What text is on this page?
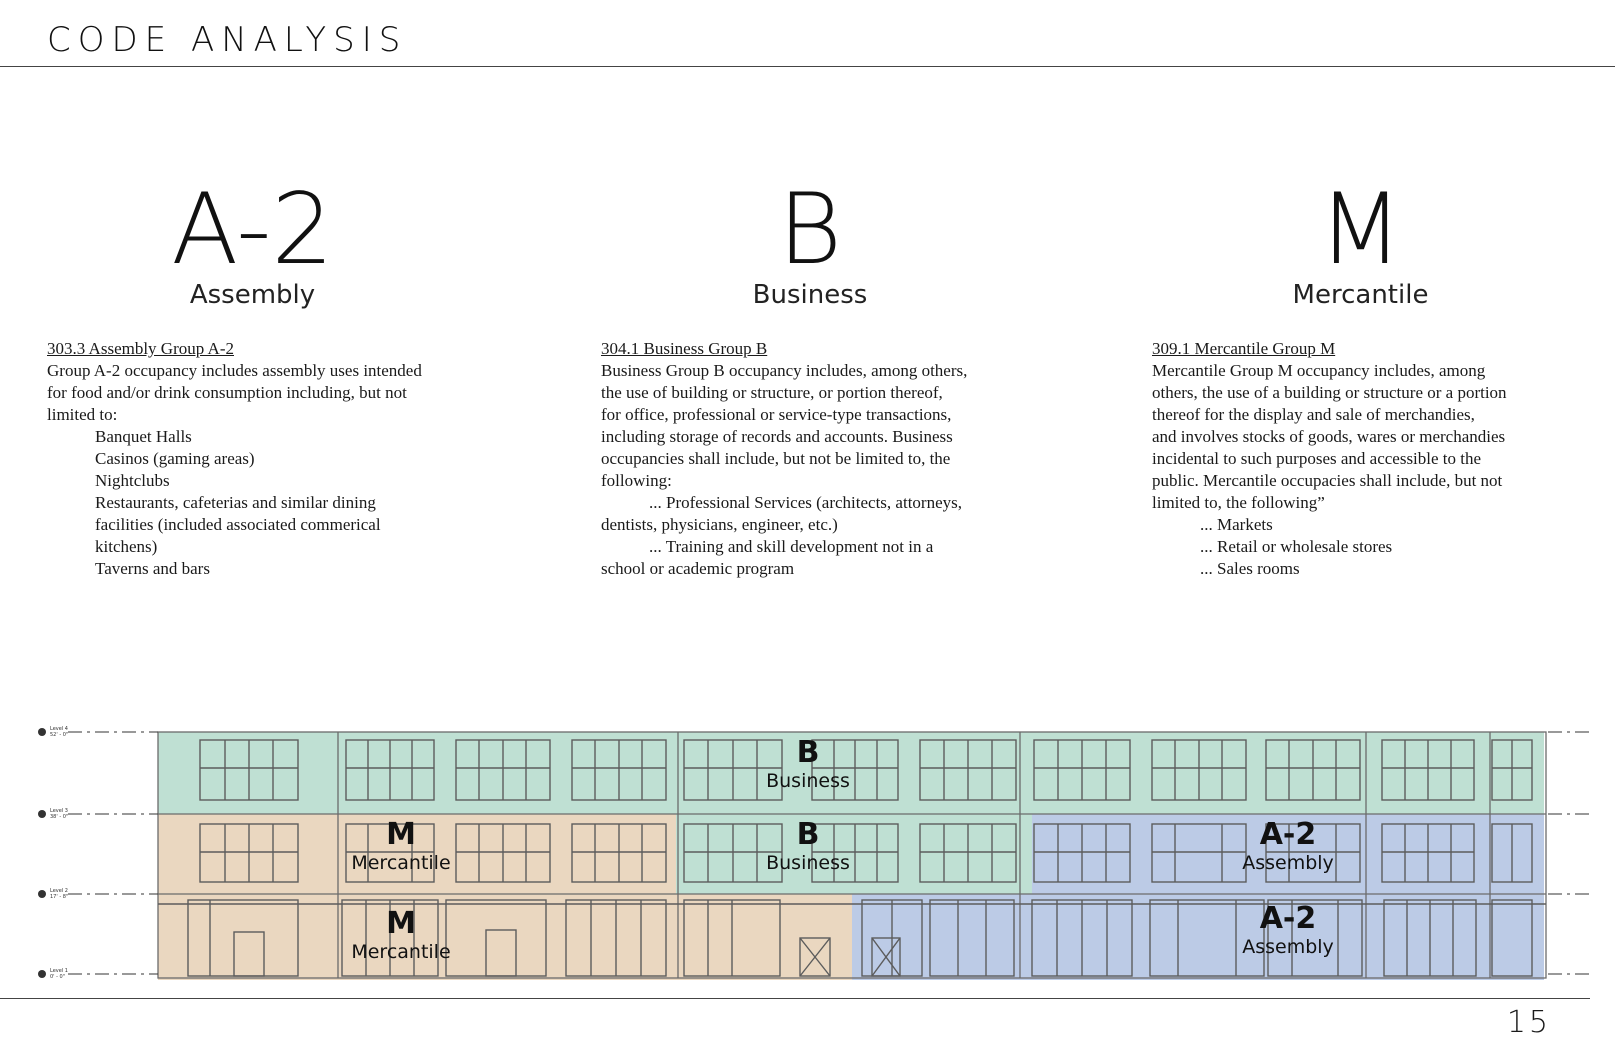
CODE ANALYSIS
A-2
Assembly
303.3 Assembly Group A-2
Group A-2 occupancy includes assembly uses intended
for food and/or drink consumption including, but not
limited to:
Banquet Halls
Casinos (gaming areas)
Nightclubs
Restaurants, cafeterias and similar dining
facilities (included associated commerical
kitchens)
Taverns and bars
B
Business
304.1 Business Group B
Business Group B occupancy includes, among others,
the use of building or structure, or portion thereof,
for office, professional or service-type transactions,
including storage of records and accounts. Business
occupancies shall include, but not be limited to, the
following:
... Professional Services (architects, attorneys,
dentists, physicians, engineer, etc.)
... Training and skill development not in a
school or academic program
M
Mercantile
309.1 Mercantile Group M
Mercantile Group M occupancy includes, among
others, the use of a building or structure or a portion
thereof for the display and sale of merchandies,
and involves stocks of goods, wares or merchandies
incidental to such purposes and accessible to the
public. Mercantile occupacies shall include, but not
limited to, the following”
... Markets
... Retail or wholesale stores
... Sales rooms
Level 4
52' - 0"
Level 3
38' - 0"
Level 2
17' - 8"
Level 1
0' - 0"
B
Business
M
Mercantile
B
Business
A-2
Assembly
M
Mercantile
A-2
Assembly
15
